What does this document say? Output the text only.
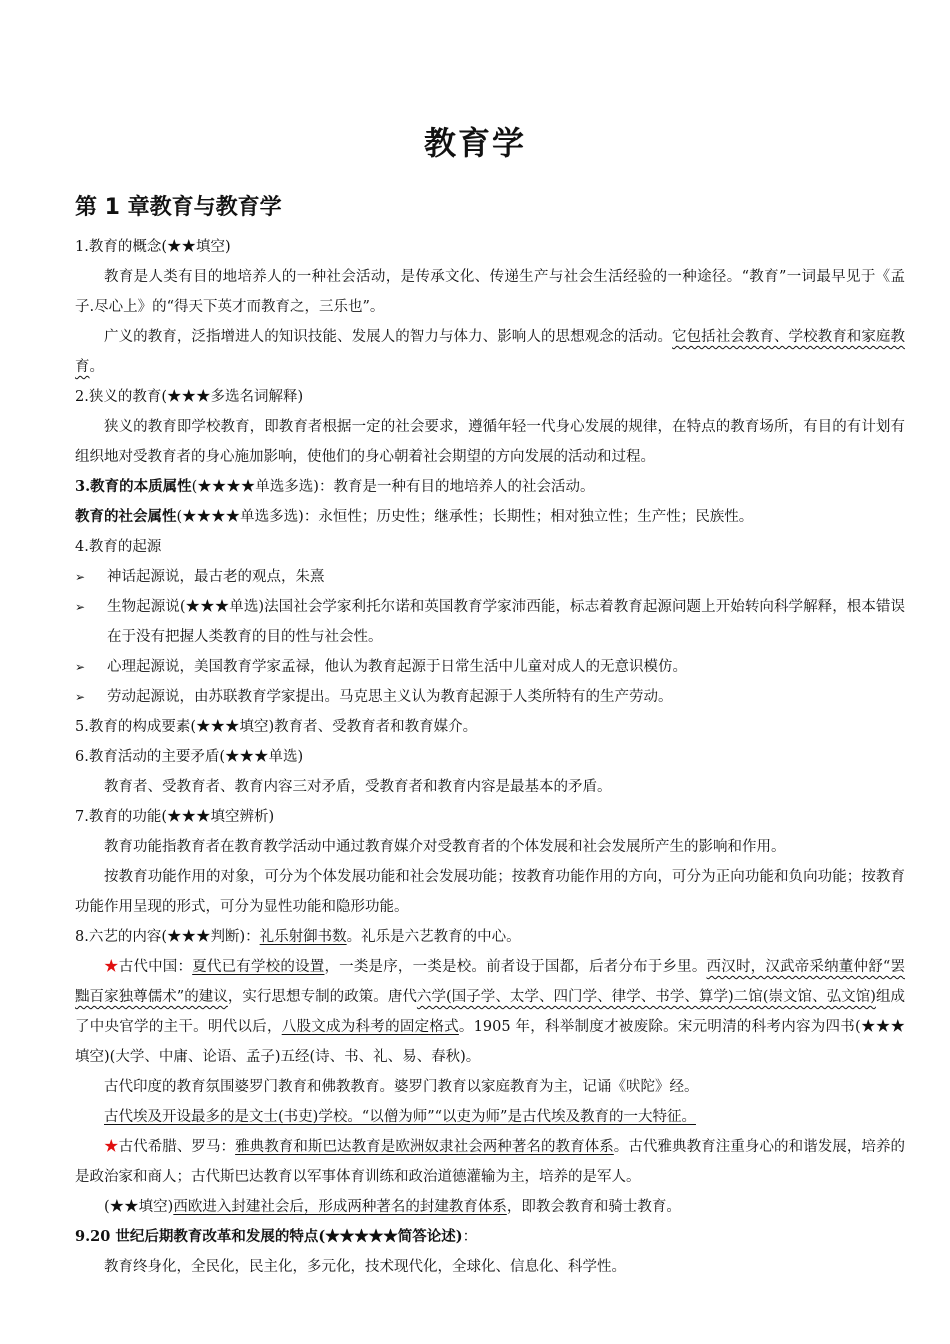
教育学
第 1 章教育与教育学

1.教育的概念(★★填空)

教育是人类有目的地培养人的一种社会活动，是传承文化、传递生产与社会生活经验的一种途径。“教育”一词最早见于《孟子.尽心上》的“得天下英才而教育之，三乐也”。

广义的教育，泛指增进人的知识技能、发展人的智力与体力、影响人的思想观念的活动。它包括社会教育、学校教育和家庭教育。

2.狭义的教育(★★★多选名词解释)

狭义的教育即学校教育，即教育者根据一定的社会要求，遵循年轻一代身心发展的规律，在特点的教育场所，有目的有计划有组织地对受教育者的身心施加影响，使他们的身心朝着社会期望的方向发展的活动和过程。

3.教育的本质属性(★★★★单选多选)：教育是一种有目的地培养人的社会活动。

教育的社会属性(★★★★单选多选)：永恒性；历史性；继承性；长期性；相对独立性；生产性；民族性。

4.教育的起源

➢ 神话起源说，最古老的观点，朱熹
➢ 生物起源说(★★★单选)法国社会学家利托尔诺和英国教育学家沛西能，标志着教育起源问题上开始转向科学解释，根本错误在于没有把握人类教育的目的性与社会性。
➢ 心理起源说，美国教育学家孟禄，他认为教育起源于日常生活中儿童对成人的无意识模仿。
➢ 劳动起源说，由苏联教育学家提出。马克思主义认为教育起源于人类所特有的生产劳动。

5.教育的构成要素(★★★填空)教育者、受教育者和教育媒介。

6.教育活动的主要矛盾(★★★单选)

教育者、受教育者、教育内容三对矛盾，受教育者和教育内容是最基本的矛盾。

7.教育的功能(★★★填空辨析)

教育功能指教育者在教育教学活动中通过教育媒介对受教育者的个体发展和社会发展所产生的影响和作用。

按教育功能作用的对象，可分为个体发展功能和社会发展功能；按教育功能作用的方向，可分为正向功能和负向功能；按教育功能作用呈现的形式，可分为显性功能和隐形功能。

8.六艺的内容(★★★判断)：礼乐射御书数。礼乐是六艺教育的中心。

★古代中国：夏代已有学校的设置，一类是序，一类是校。前者设于国都，后者分布于乡里。西汉时，汉武帝采纳董仲舒“罢黜百家独尊儒术”的建议，实行思想专制的政策。唐代六学(国子学、太学、四门学、律学、书学、算学)二馆(崇文馆、弘文馆)组成了中央官学的主干。明代以后，八股文成为科考的固定格式。1905 年，科举制度才被废除。宋元明清的科考内容为四书(★★★填空)(大学、中庸、论语、孟子)五经(诗、书、礼、易、春秋)。

古代印度的教育氛围婆罗门教育和佛教教育。婆罗门教育以家庭教育为主，记诵《吠陀》经。

古代埃及开设最多的是文士(书吏)学校。“以僧为师”“以吏为师”是古代埃及教育的一大特征。

★古代希腊、罗马：雅典教育和斯巴达教育是欧洲奴隶社会两种著名的教育体系。古代雅典教育注重身心的和谐发展，培养的是政治家和商人；古代斯巴达教育以军事体育训练和政治道德灌输为主，培养的是军人。

(★★填空)西欧进入封建社会后，形成两种著名的封建教育体系，即教会教育和骑士教育。

9.20 世纪后期教育改革和发展的特点(★★★★★简答论述)：

教育终身化，全民化，民主化，多元化，技术现代化，全球化、信息化、科学性。
